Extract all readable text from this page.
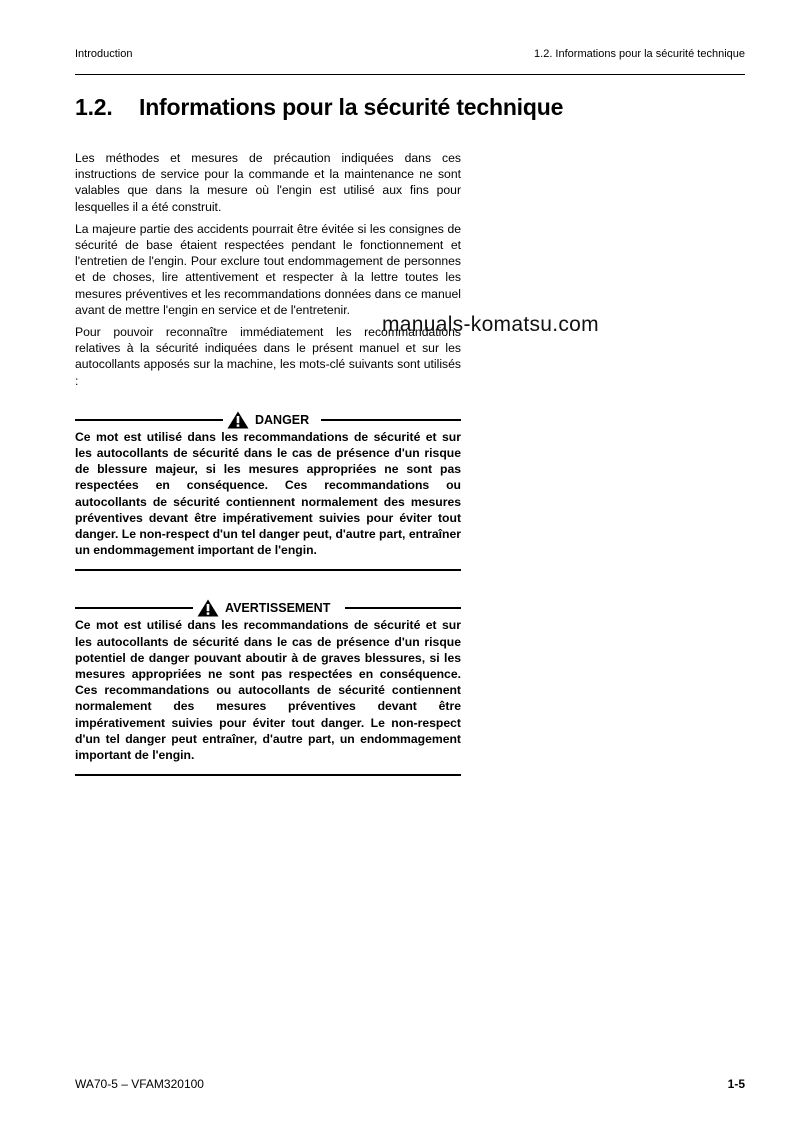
Introduction	1.2. Informations pour la sécurité technique
1.2. Informations pour la sécurité technique

Les méthodes et mesures de précaution indiquées dans ces instructions de service pour la commande et la maintenance ne sont valables que dans la mesure où l'engin est utilisé aux fins pour lesquelles il a été construit.

La majeure partie des accidents pourrait être évitée si les consignes de sécurité de base étaient respectées pendant le fonctionnement et l'entretien de l'engin. Pour exclure tout endommagement de personnes et de choses, lire attentivement et respecter à la lettre toutes les mesures préventives et les recommandations données dans ce manuel avant de mettre l'engin en service et de l'entretenir.

Pour pouvoir reconnaître immédiatement les recommandations relatives à la sécurité indiquées dans le présent manuel et sur les autocollants apposés sur la machine, les mots-clé suivants sont utilisés :

DANGER
Ce mot est utilisé dans les recommandations de sécurité et sur les autocollants de sécurité dans le cas de présence d'un risque de blessure majeur, si les mesures appropriées ne sont pas respectées en conséquence. Ces recommandations ou autocollants de sécurité contiennent normalement des mesures préventives devant être impérativement suivies pour éviter tout danger. Le non-respect d'un tel danger peut, d'autre part, entraîner un endommagement important de l'engin.
AVERTISSEMENT
Ce mot est utilisé dans les recommandations de sécurité et sur les autocollants de sécurité dans le cas de présence d'un risque potentiel de danger pouvant aboutir à de graves blessures, si les mesures appropriées ne sont pas respectées en conséquence. Ces recommandations ou autocollants de sécurité contiennent normalement des mesures préventives devant être impérativement suivies pour éviter tout danger. Le non-respect d'un tel danger peut entraîner, d'autre part, un endommagement important de l'engin.
manuals-komatsu.com
WA70-5 – VFAM320100	1-5
